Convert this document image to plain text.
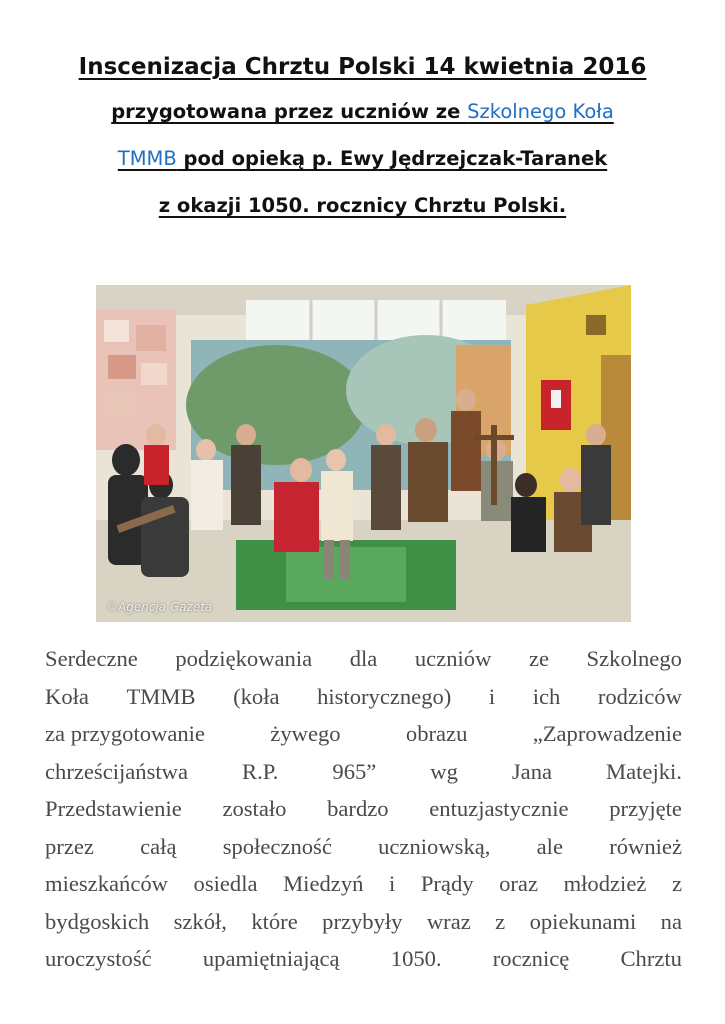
Inscenizacja Chrztu Polski 14 kwietnia 2016
przygotowana przez uczniów ze Szkolnego Koła
TMMB pod opieką p. Ewy Jędrzejczak-Taranek
z okazji 1050. rocznicy Chrztu Polski.
©Agencja Gazeta
Serdeczne podziękowania dla uczniów ze Szkolnego
Koła TMMB (koła historycznego) i ich rodziców
za przygotowanie	żywego	obrazu	„Zaprowadzenie
chrześcijaństwa R.P. 965” wg Jana Matejki.
Przedstawienie zostało bardzo entuzjastycznie przyjęte
przez całą społeczność uczniowską, ale również
mieszkańców osiedla Miedzyń i Prądy oraz młodzież z
bydgoskich szkół, które przybyły wraz z opiekunami na
uroczystość upamiętniającą 1050. rocznicę Chrztu
